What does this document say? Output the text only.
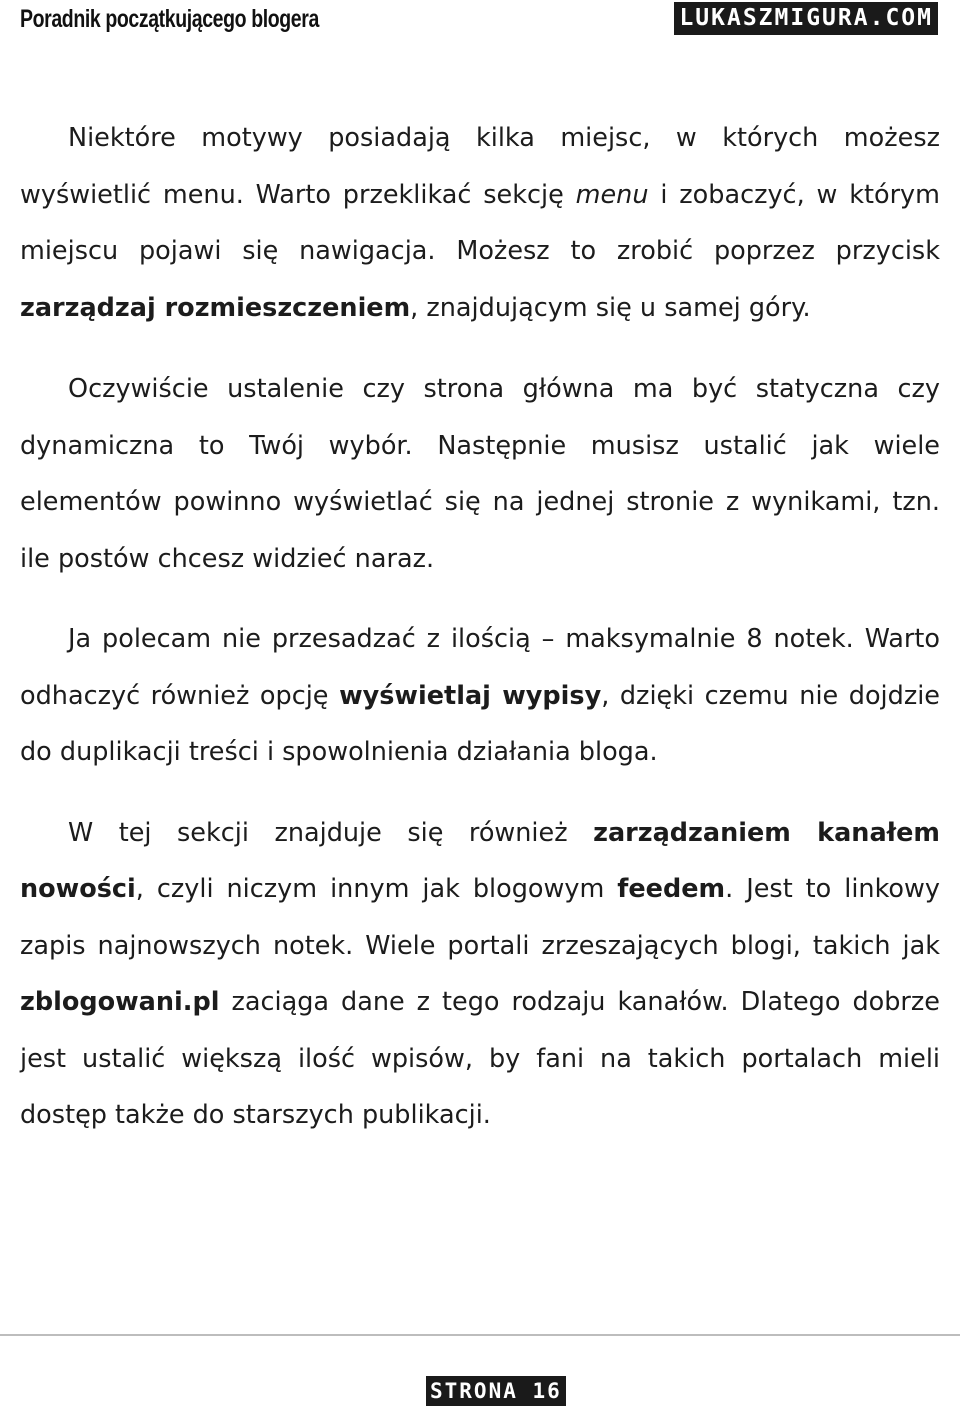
Poradnik początkującego blogera	LUKASZMIGURA.COM

Niektóre motywy posiadają kilka miejsc, w których możesz wyświetlić menu. Warto przeklikać sekcję menu i zobaczyć, w którym miejscu pojawi się nawigacja. Możesz to zrobić poprzez przycisk zarządzaj rozmieszczeniem, znajdującym się u samej góry.

Oczywiście ustalenie czy strona główna ma być statyczna czy dynamiczna to Twój wybór. Następnie musisz ustalić jak wiele elementów powinno wyświetlać się na jednej stronie z wynikami, tzn. ile postów chcesz widzieć naraz.

Ja polecam nie przesadzać z ilością – maksymalnie 8 notek. Warto odhaczyć również opcję wyświetlaj wypisy, dzięki czemu nie dojdzie do duplikacji treści i spowolnienia działania bloga.

W tej sekcji znajduje się również zarządzaniem kanałem nowości, czyli niczym innym jak blogowym feedem. Jest to linkowy zapis najnowszych notek. Wiele portali zrzeszających blogi, takich jak zblogowani.pl zaciąga dane z tego rodzaju kanałów. Dlatego dobrze jest ustalić większą ilość wpisów, by fani na takich portalach mieli dostęp także do starszych publikacji.

STRONA 16
